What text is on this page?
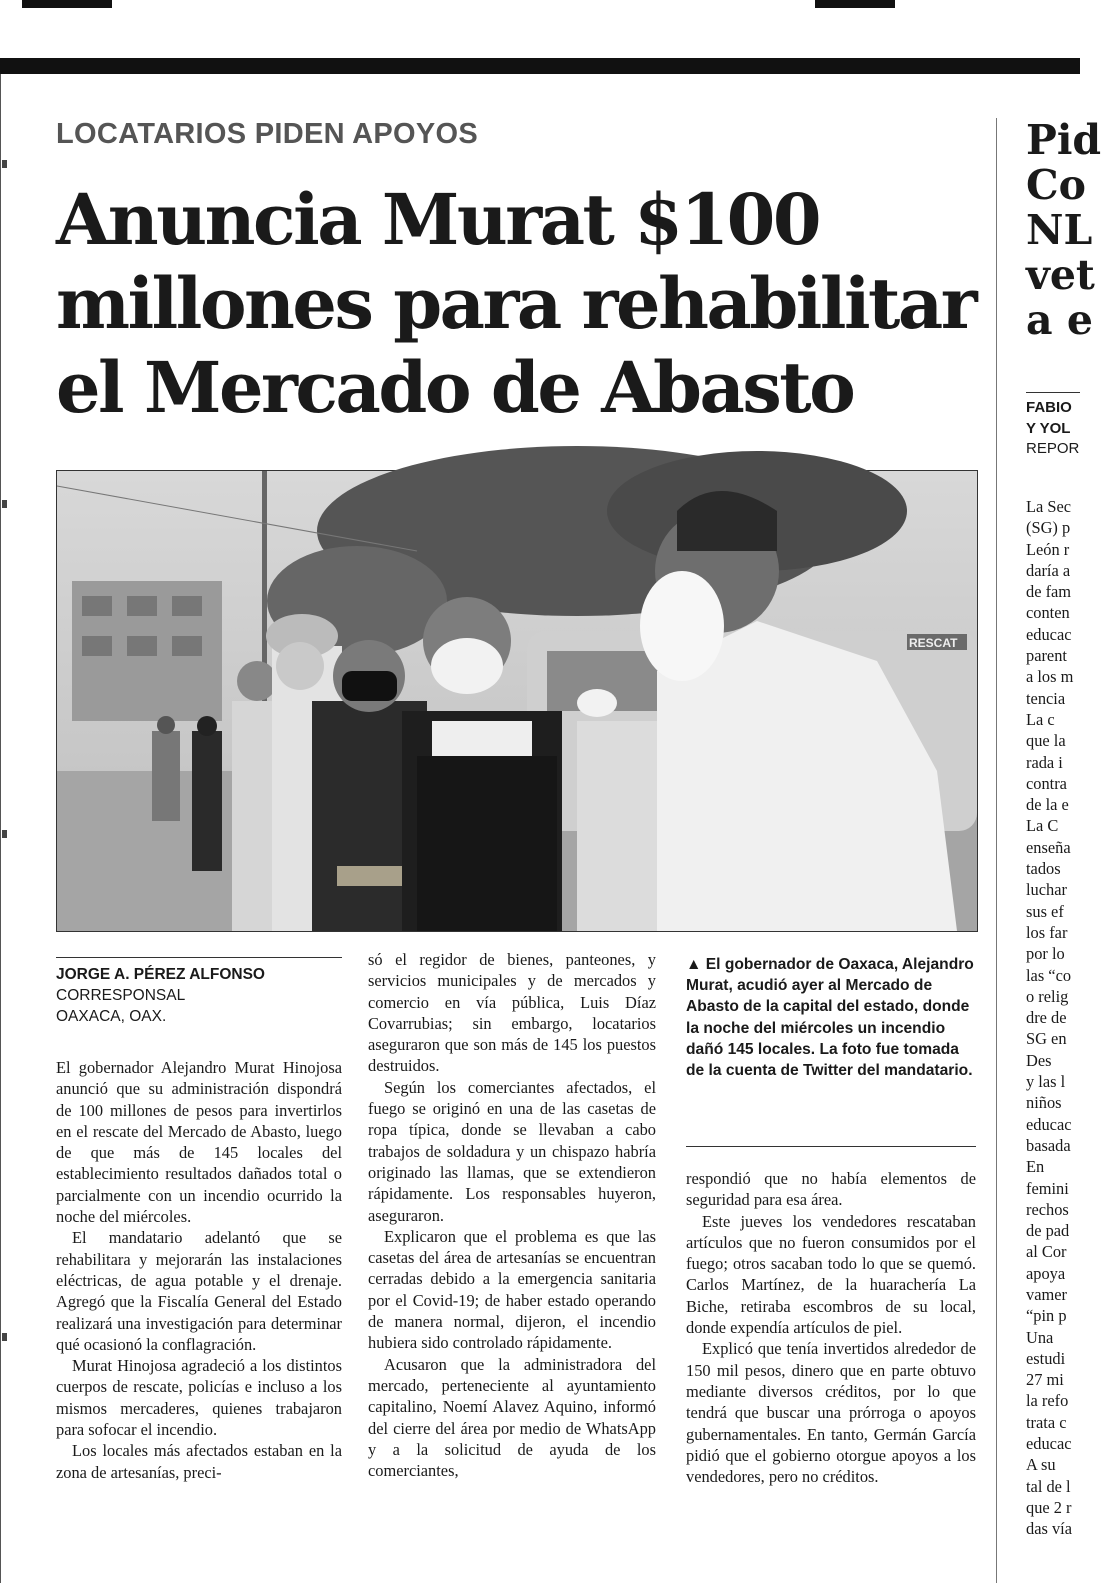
LOCATARIOS PIDEN APOYOS
Anuncia Murat $100 millones para rehabilitar el Mercado de Abasto
RESCAT
JORGE A. PÉREZ ALFONSO
CORRESPONSAL
OAXACA, OAX.

El gobernador Alejandro Murat Hinojosa anunció que su administración dispondrá de 100 millones de pesos para invertirlos en el rescate del Mercado de Abasto, luego de que más de 145 locales del establecimiento resultados dañados total o parcialmente con un incendio ocurrido la noche del miércoles.

El mandatario adelantó que se rehabilitara y mejorarán las instalaciones eléctricas, de agua potable y el drenaje. Agregó que la Fiscalía General del Estado realizará una investigación para determinar qué ocasionó la conflagración.

Murat Hinojosa agradeció a los distintos cuerpos de rescate, policías e incluso a los mismos mercaderes, quienes trabajaron para sofocar el incendio.

Los locales más afectados estaban en la zona de artesanías, preci-

só el regidor de bienes, panteones, y servicios municipales y de mercados y comercio en vía pública, Luis Díaz Covarrubias; sin embargo, locatarios aseguraron que son más de 145 los puestos destruidos.

Según los comerciantes afectados, el fuego se originó en una de las casetas de ropa típica, donde se llevaban a cabo trabajos de soldadura y un chispazo habría originado las llamas, que se extendieron rápidamente. Los responsables huyeron, aseguraron.

Explicaron que el problema es que las casetas del área de artesanías se encuentran cerradas debido a la emergencia sanitaria por el Covid-19; de haber estado operando de manera normal, dijeron, el incendio hubiera sido controlado rápidamente.

Acusaron que la administradora del mercado, perteneciente al ayuntamiento capitalino, Noemí Alavez Aquino, informó del cierre del área por medio de WhatsApp y a la solicitud de ayuda de los comerciantes,

▲ El gobernador de Oaxaca, Alejandro Murat, acudió ayer al Mercado de Abasto de la capital del estado, donde la noche del miércoles un incendio dañó 145 locales. La foto fue tomada de la cuenta de Twitter del mandatario.

respondió que no había elementos de seguridad para esa área.

Este jueves los vendedores rescataban artículos que no fueron consumidos por el fuego; otros sacaban todo lo que se quemó. Carlos Martínez, de la huarachería La Biche, retiraba escombros de su local, donde expendía artículos de piel.

Explicó que tenía invertidos alrededor de 150 mil pesos, dinero que en parte obtuvo mediante diversos créditos, por lo que tendrá que buscar una prórroga o apoyos gubernamentales. En tanto, Germán García pidió que el gobierno otorgue apoyos a los vendedores, pero no créditos.

Pid
Co
NL
vet
a e
FABIO
Y YOL
REPOR
La Sec
(SG) p
León r
daría a
de fam
conten
educac
parent
a los m
tencia
La c
que la
rada i
contra
de la e
La C
enseña
tados
luchar
sus ef
los far
por lo
las “co
o relig
dre de
SG en
Des
y las l
niños
educac
basada
En
femini
rechos
de pad
al Cor
apoya
vamer
“pin p
Una
estudi
27 mi
la refo
trata c
educac
A su
tal de l
que 2 r
das vía
